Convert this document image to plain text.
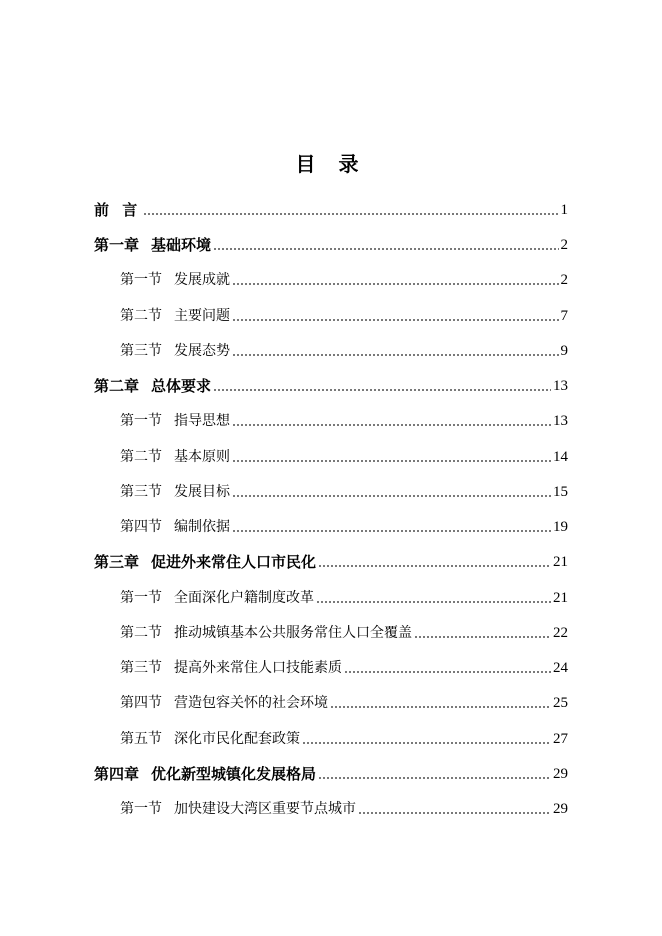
目 录
前 言	1
第一章 基础环境	2
第一节 发展成就	2
第二节 主要问题	7
第三节 发展态势	9
第二章 总体要求	13
第一节 指导思想	13
第二节 基本原则	14
第三节 发展目标	15
第四节 编制依据	19
第三章 促进外来常住人口市民化	21
第一节 全面深化户籍制度改革	21
第二节 推动城镇基本公共服务常住人口全覆盖	22
第三节 提高外来常住人口技能素质	24
第四节 营造包容关怀的社会环境	25
第五节 深化市民化配套政策	27
第四章 优化新型城镇化发展格局	29
第一节 加快建设大湾区重要节点城市	29
